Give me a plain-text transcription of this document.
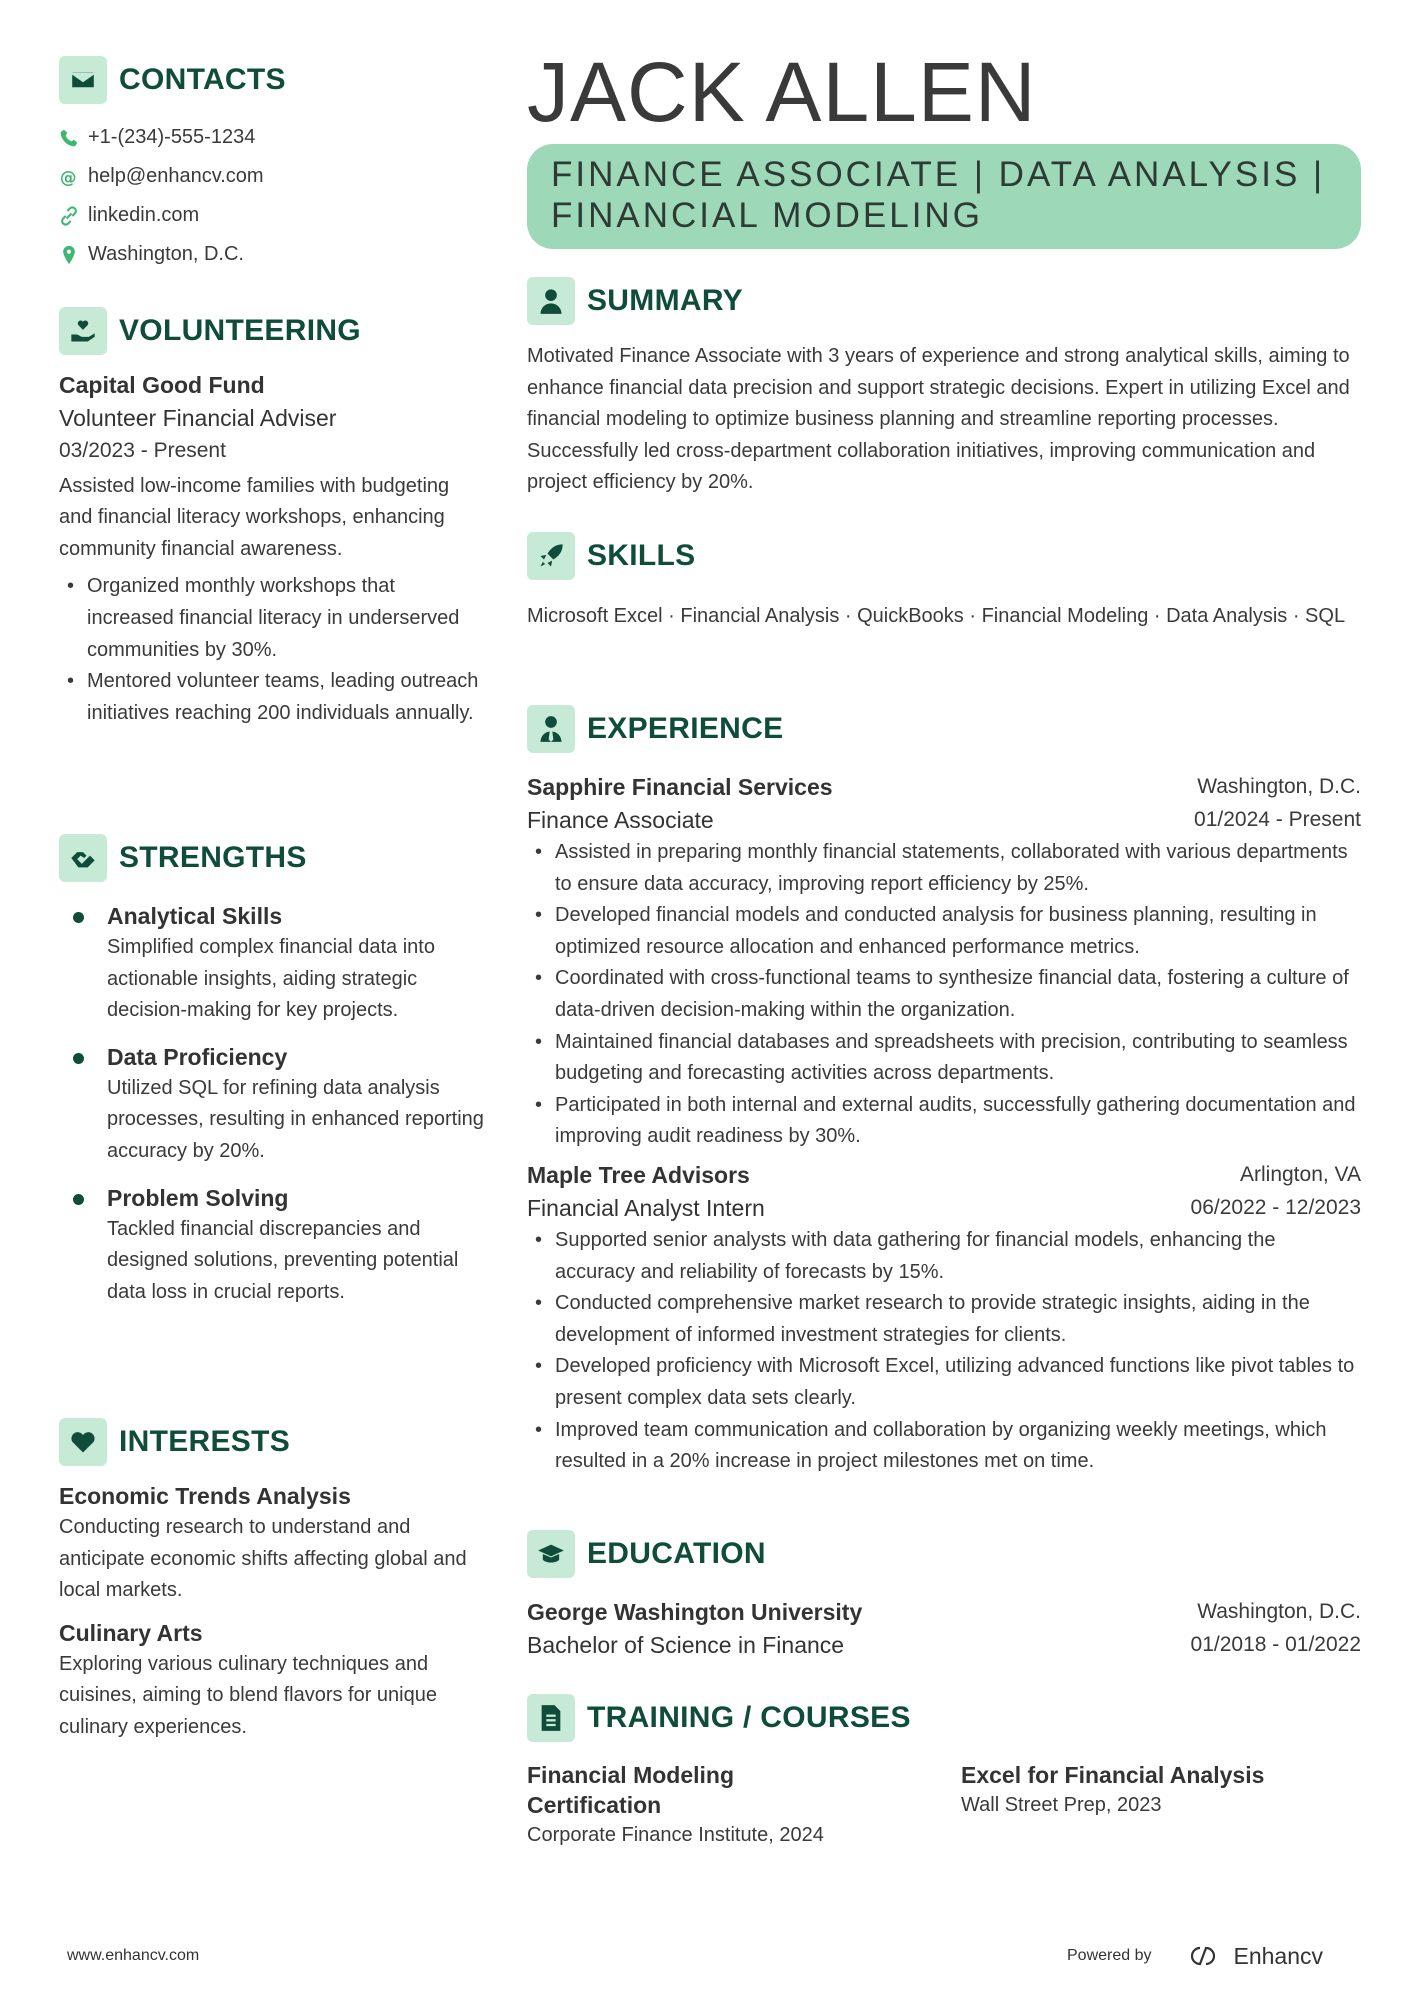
CONTACTS
+1-(234)-555-1234
@ help@enhancv.com
linkedin.com
Washington, D.C.
VOLUNTEERING
Capital Good Fund
Volunteer Financial Adviser
03/2023 - Present
Assisted low-income families with budgeting and financial literacy workshops, enhancing community financial awareness.
• Organized monthly workshops that increased financial literacy in underserved communities by 30%.
• Mentored volunteer teams, leading outreach initiatives reaching 200 individuals annually.
STRENGTHS
Analytical Skills
Simplified complex financial data into actionable insights, aiding strategic decision-making for key projects.
Data Proficiency
Utilized SQL for refining data analysis processes, resulting in enhanced reporting accuracy by 20%.
Problem Solving
Tackled financial discrepancies and designed solutions, preventing potential data loss in crucial reports.
INTERESTS
Economic Trends Analysis
Conducting research to understand and anticipate economic shifts affecting global and local markets.
Culinary Arts
Exploring various culinary techniques and cuisines, aiming to blend flavors for unique culinary experiences.
JACK ALLEN
FINANCE ASSOCIATE | DATA ANALYSIS | FINANCIAL MODELING
SUMMARY
Motivated Finance Associate with 3 years of experience and strong analytical skills, aiming to enhance financial data precision and support strategic decisions. Expert in utilizing Excel and financial modeling to optimize business planning and streamline reporting processes. Successfully led cross-department collaboration initiatives, improving communication and project efficiency by 20%.
SKILLS
Microsoft Excel · Financial Analysis · QuickBooks · Financial Modeling · Data Analysis · SQL
EXPERIENCE
Sapphire Financial Services	Washington, D.C.
Finance Associate	01/2024 - Present
• Assisted in preparing monthly financial statements, collaborated with various departments to ensure data accuracy, improving report efficiency by 25%.
• Developed financial models and conducted analysis for business planning, resulting in optimized resource allocation and enhanced performance metrics.
• Coordinated with cross-functional teams to synthesize financial data, fostering a culture of data-driven decision-making within the organization.
• Maintained financial databases and spreadsheets with precision, contributing to seamless budgeting and forecasting activities across departments.
• Participated in both internal and external audits, successfully gathering documentation and improving audit readiness by 30%.
Maple Tree Advisors	Arlington, VA
Financial Analyst Intern	06/2022 - 12/2023
• Supported senior analysts with data gathering for financial models, enhancing the accuracy and reliability of forecasts by 15%.
• Conducted comprehensive market research to provide strategic insights, aiding in the development of informed investment strategies for clients.
• Developed proficiency with Microsoft Excel, utilizing advanced functions like pivot tables to present complex data sets clearly.
• Improved team communication and collaboration by organizing weekly meetings, which resulted in a 20% increase in project milestones met on time.
EDUCATION
George Washington University	Washington, D.C.
Bachelor of Science in Finance	01/2018 - 01/2022
TRAINING / COURSES
Financial Modeling Certification
Corporate Finance Institute, 2024
Excel for Financial Analysis
Wall Street Prep, 2023
www.enhancv.com	Powered by	Enhancv
